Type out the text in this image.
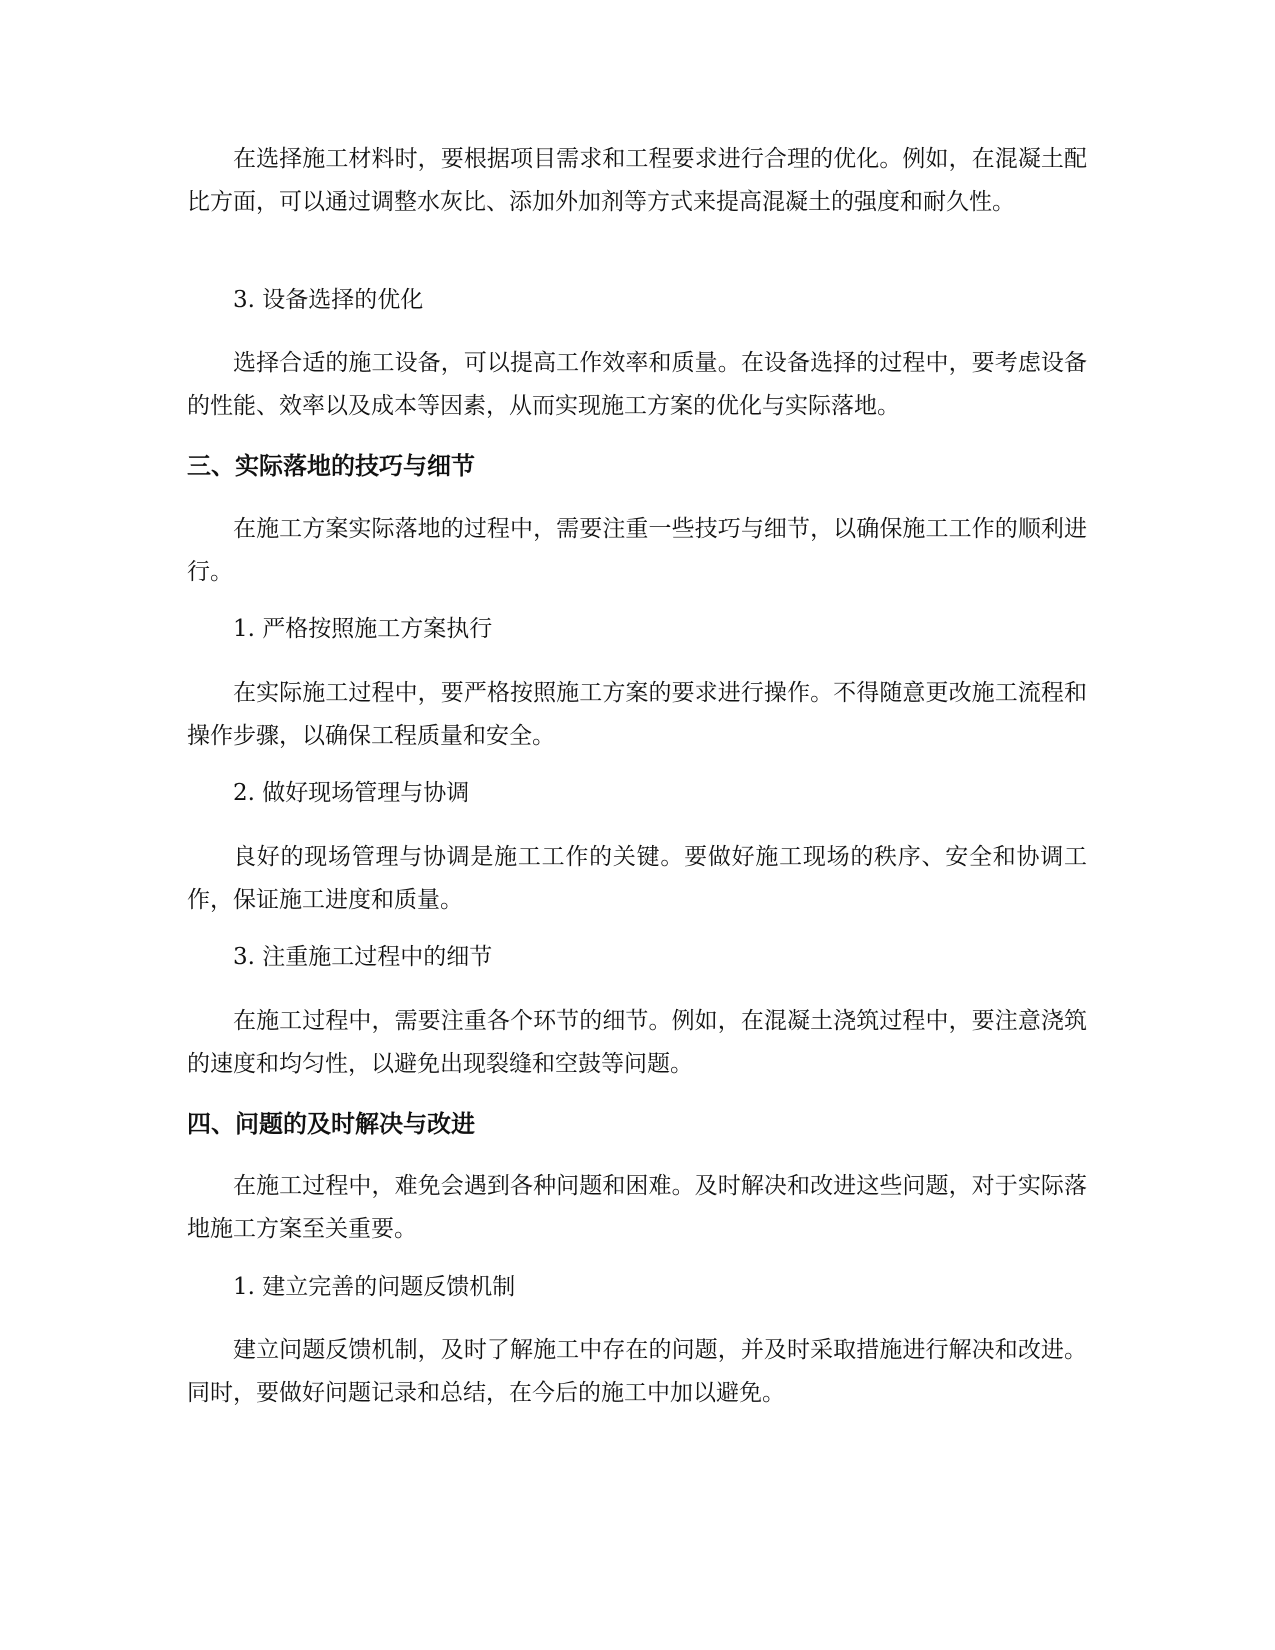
在选择施工材料时，要根据项目需求和工程要求进行合理的优化。例如，在混凝土配比方面，可以通过调整水灰比、添加外加剂等方式来提高混凝土的强度和耐久性。

3. 设备选择的优化

选择合适的施工设备，可以提高工作效率和质量。在设备选择的过程中，要考虑设备的性能、效率以及成本等因素，从而实现施工方案的优化与实际落地。

三、实际落地的技巧与细节

在施工方案实际落地的过程中，需要注重一些技巧与细节，以确保施工工作的顺利进行。

1. 严格按照施工方案执行

在实际施工过程中，要严格按照施工方案的要求进行操作。不得随意更改施工流程和操作步骤，以确保工程质量和安全。

2. 做好现场管理与协调

良好的现场管理与协调是施工工作的关键。要做好施工现场的秩序、安全和协调工作，保证施工进度和质量。

3. 注重施工过程中的细节

在施工过程中，需要注重各个环节的细节。例如，在混凝土浇筑过程中，要注意浇筑的速度和均匀性，以避免出现裂缝和空鼓等问题。

四、问题的及时解决与改进

在施工过程中，难免会遇到各种问题和困难。及时解决和改进这些问题，对于实际落地施工方案至关重要。

1. 建立完善的问题反馈机制

建立问题反馈机制，及时了解施工中存在的问题，并及时采取措施进行解决和改进。同时，要做好问题记录和总结，在今后的施工中加以避免。
